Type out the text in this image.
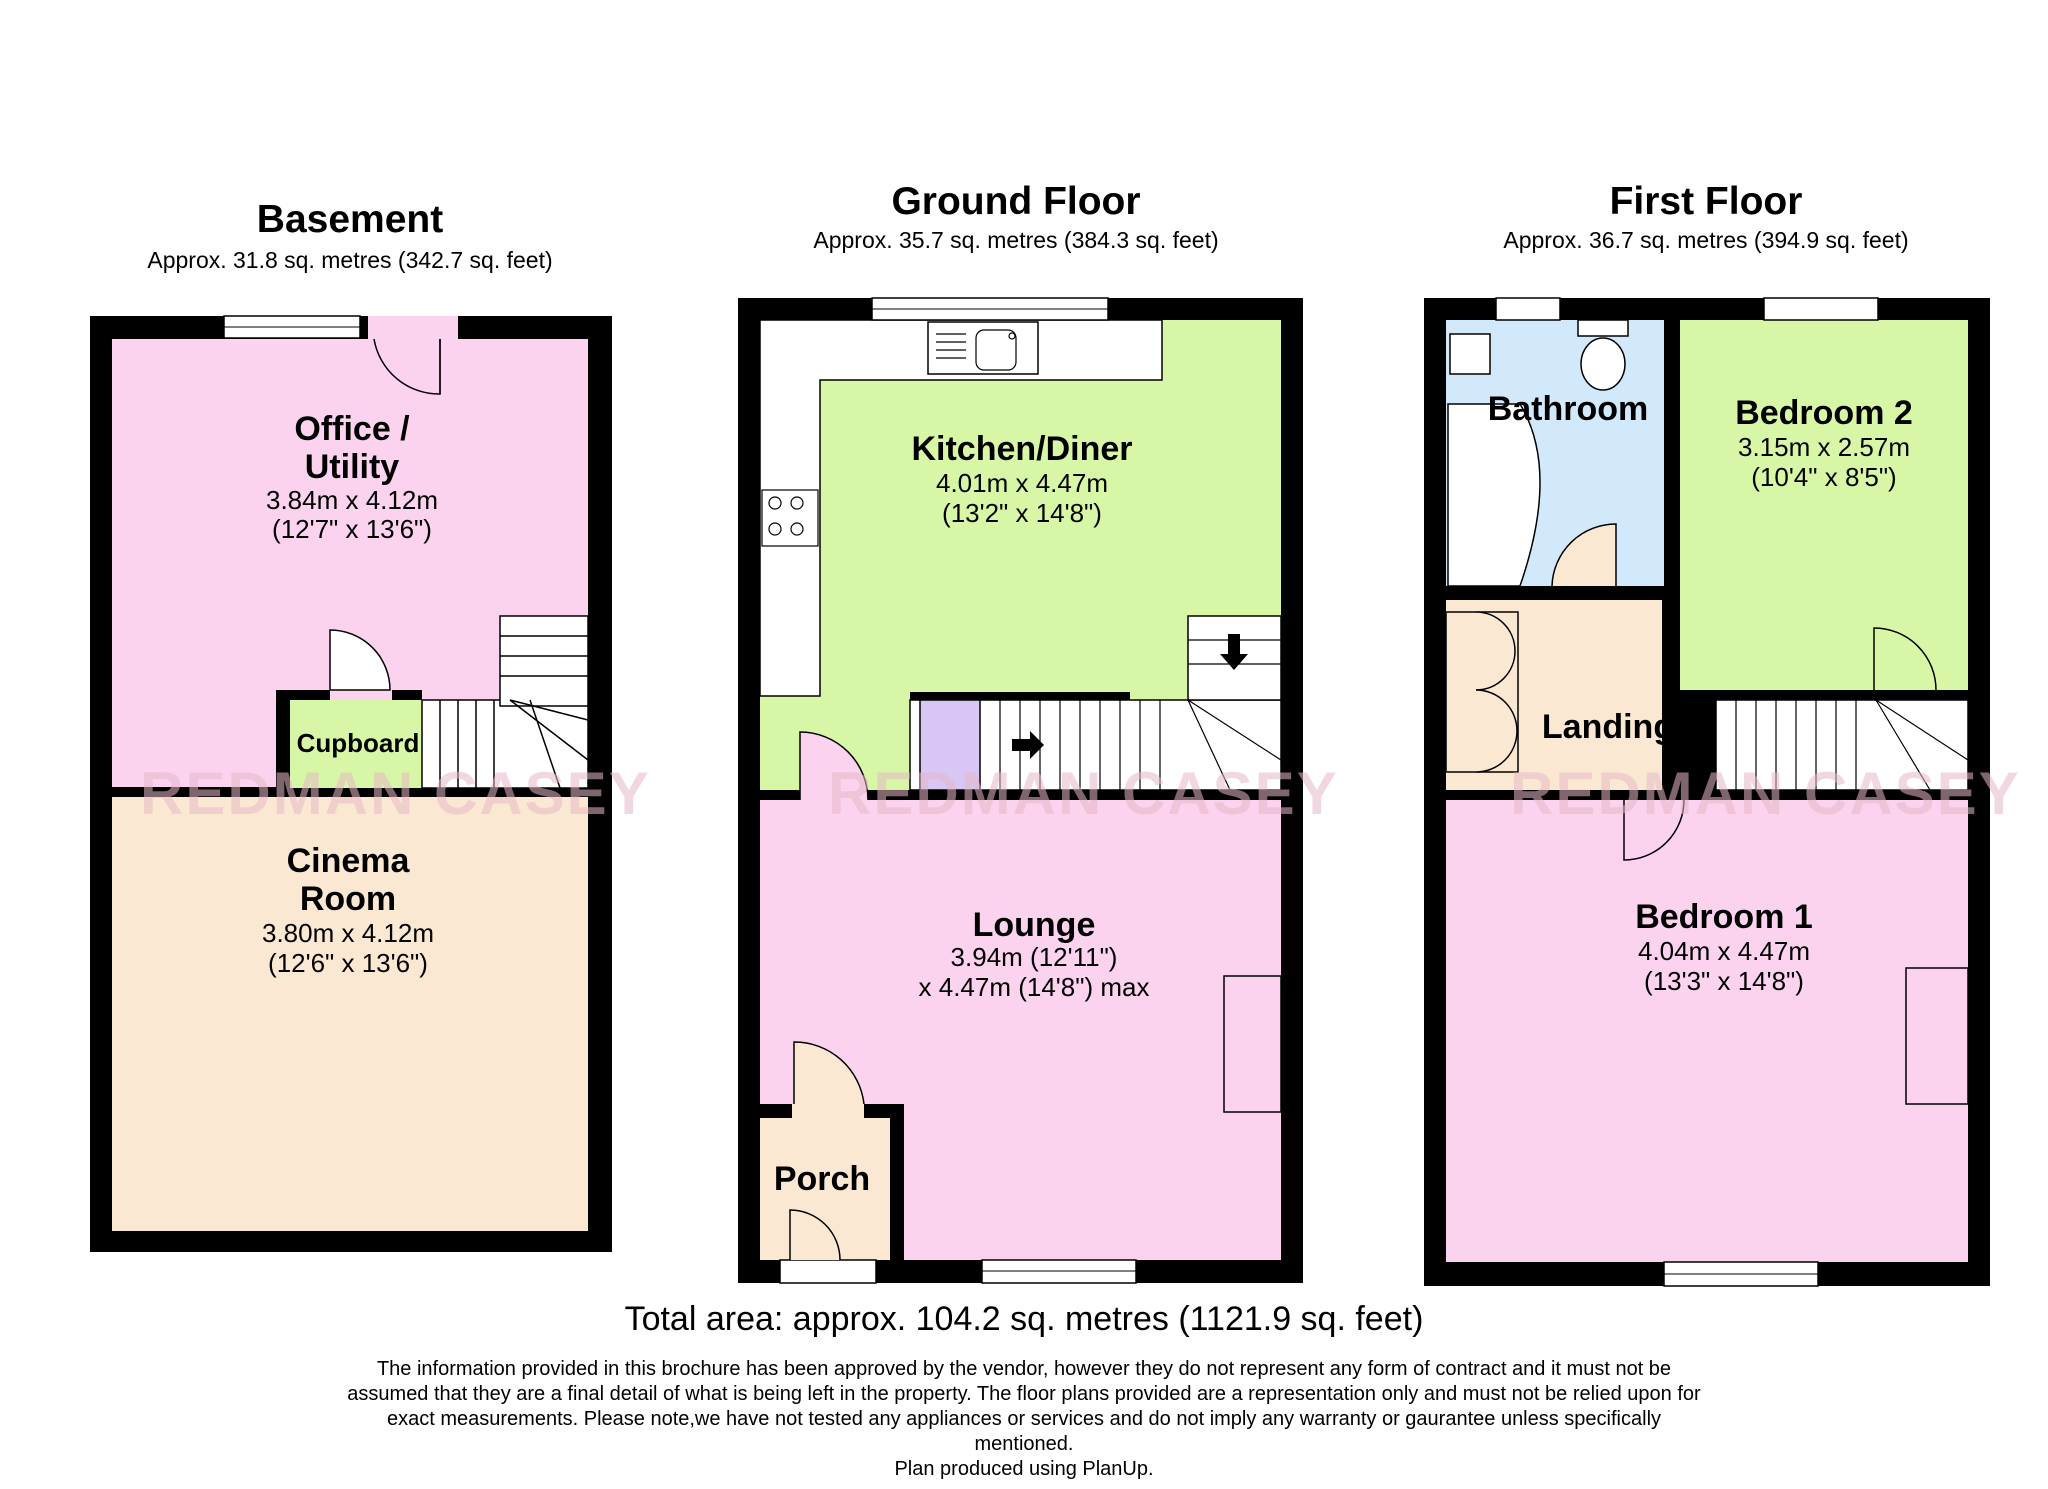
REDMAN CASEY	REDMAN CASEY	REDMAN CASEY
Basement
Approx. 31.8 sq. metres (342.7 sq. feet)
Ground Floor
Approx. 35.7 sq. metres (384.3 sq. feet)
First Floor
Approx. 36.7 sq. metres (394.9 sq. feet)
Office /
Utility
3.84m x 4.12m
(12'7" x 13'6")
Cupboard
Cinema
Room
3.80m x 4.12m
(12'6" x 13'6")
Kitchen/Diner
4.01m x 4.47m
(13'2" x 14'8")
Lounge
3.94m (12'11")
x 4.47m (14'8") max
Porch
Bathroom	Bedroom 2
3.15m x 2.57m
(10'4" x 8'5")
Landing
Bedroom 1
4.04m x 4.47m
(13'3" x 14'8")
Total area: approx. 104.2 sq. metres (1121.9 sq. feet)
The information provided in this brochure has been approved by the vendor, however they do not represent any form of contract and it must not be assumed that they are a final detail of what is being left in the property. The floor plans provided are a representation only and must not be relied upon for exact measurements. Please note,we have not tested any appliances or services and do not imply any warranty or gaurantee unless specifically mentioned.
Plan produced using PlanUp.
